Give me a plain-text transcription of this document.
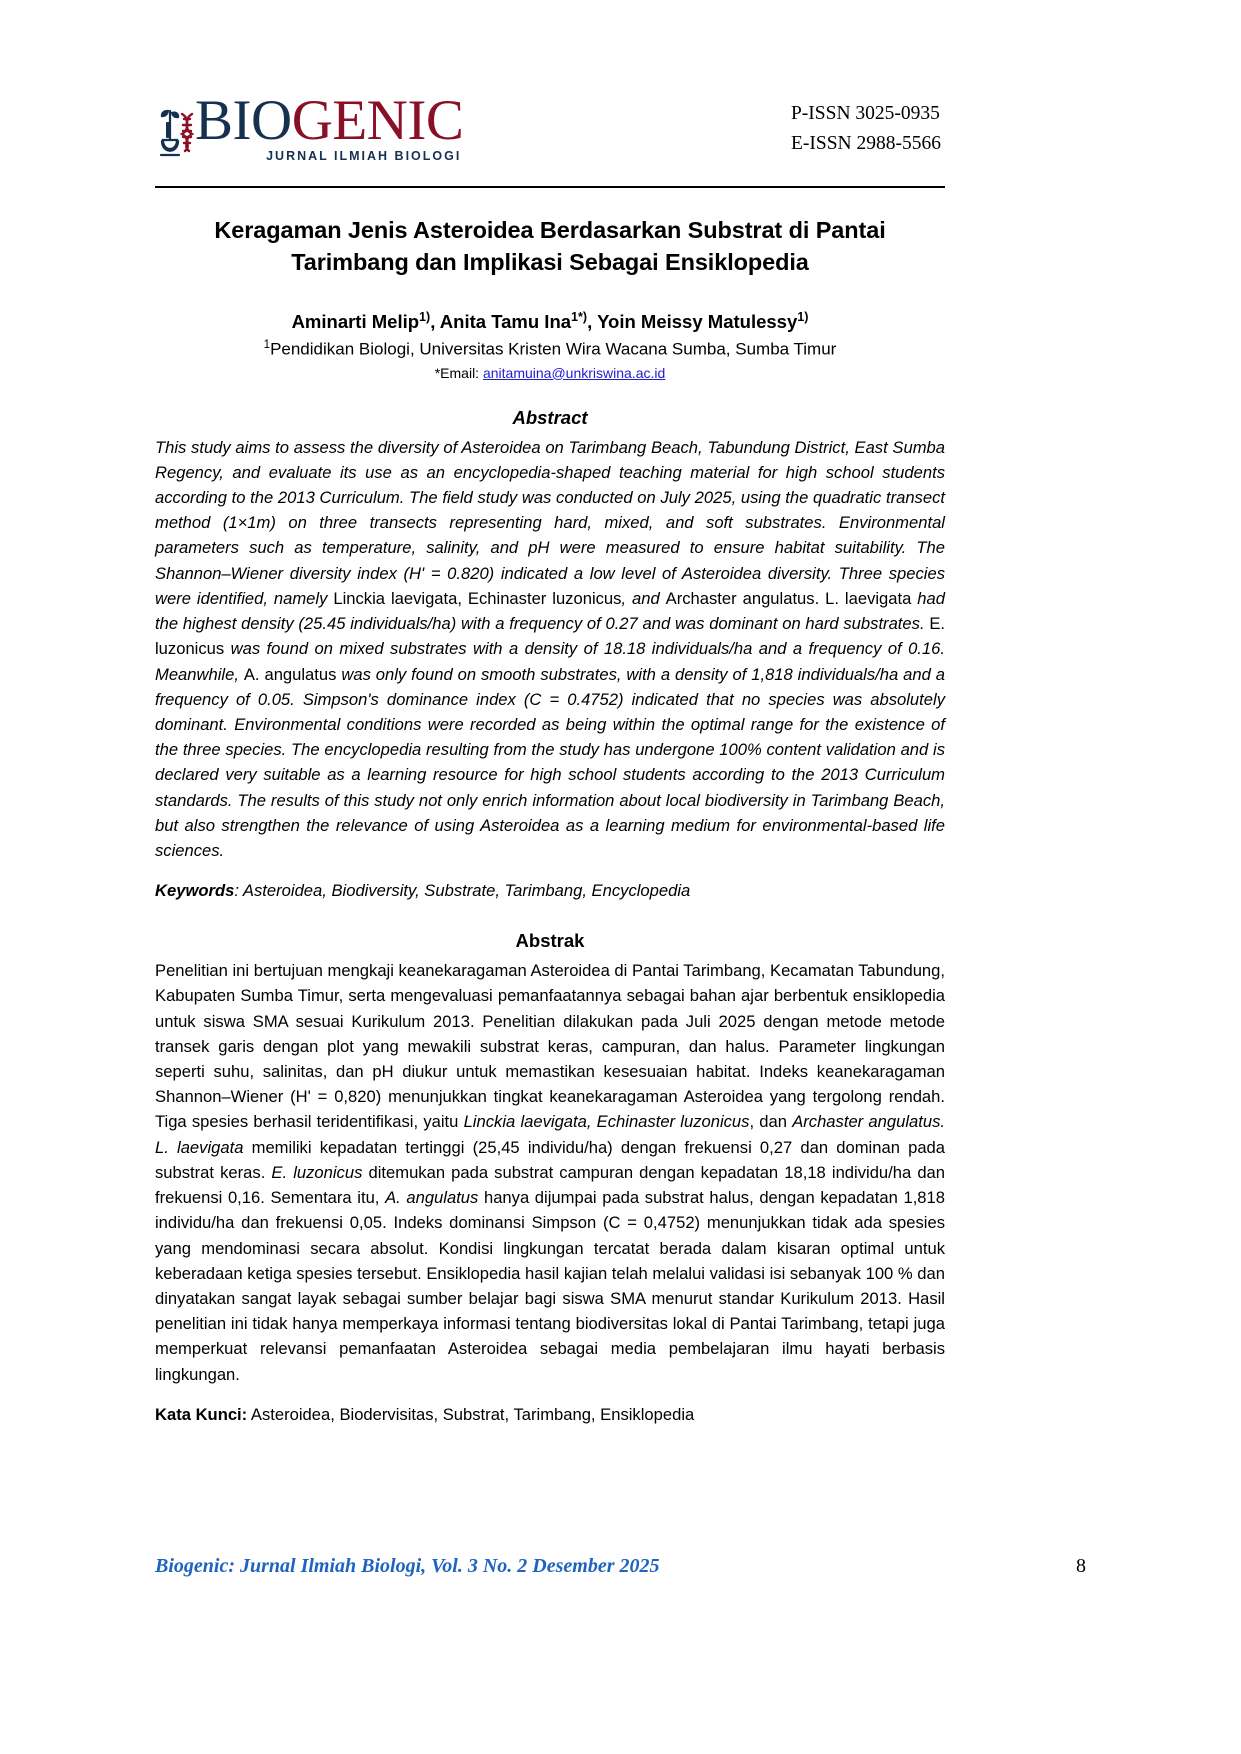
BIOGENIC
JURNAL ILMIAH BIOLOGI
P-ISSN 3025-0935
E-ISSN 2988-5566
Keragaman Jenis Asteroidea Berdasarkan Substrat di Pantai Tarimbang dan Implikasi Sebagai Ensiklopedia
Aminarti Melip$^{1)}$, Anita Tamu Ina$^{1*)}$, Yoin Meissy Matulessy$^{1)}$
$^1$Pendidikan Biologi, Universitas Kristen Wira Wacana Sumba, Sumba Timur
*Email: anitamuina@unkriswina.ac.id
Abstract

This study aims to assess the diversity of Asteroidea on Tarimbang Beach, Tabundung District, East Sumba Regency, and evaluate its use as an encyclopedia-shaped teaching material for high school students according to the 2013 Curriculum. The field study was conducted on July 2025, using the quadratic transect method (1×1m) on three transects representing hard, mixed, and soft substrates. Environmental parameters such as temperature, salinity, and pH were measured to ensure habitat suitability. The Shannon–Wiener diversity index (H' = 0.820) indicated a low level of Asteroidea diversity. Three species were identified, namely Linckia laevigata, Echinaster luzonicus, and Archaster angulatus. L. laevigata had the highest density (25.45 individuals/ha) with a frequency of 0.27 and was dominant on hard substrates. E. luzonicus was found on mixed substrates with a density of 18.18 individuals/ha and a frequency of 0.16. Meanwhile, A. angulatus was only found on smooth substrates, with a density of 1,818 individuals/ha and a frequency of 0.05. Simpson's dominance index (C = 0.4752) indicated that no species was absolutely dominant. Environmental conditions were recorded as being within the optimal range for the existence of the three species. The encyclopedia resulting from the study has undergone 100% content validation and is declared very suitable as a learning resource for high school students according to the 2013 Curriculum standards. The results of this study not only enrich information about local biodiversity in Tarimbang Beach, but also strengthen the relevance of using Asteroidea as a learning medium for environmental-based life sciences.

Keywords: Asteroidea, Biodiversity, Substrate, Tarimbang, Encyclopedia
Abstrak

Penelitian ini bertujuan mengkaji keanekaragaman Asteroidea di Pantai Tarimbang, Kecamatan Tabundung, Kabupaten Sumba Timur, serta mengevaluasi pemanfaatannya sebagai bahan ajar berbentuk ensiklopedia untuk siswa SMA sesuai Kurikulum 2013. Penelitian dilakukan pada Juli 2025 dengan metode metode transek garis dengan plot yang mewakili substrat keras, campuran, dan halus. Parameter lingkungan seperti suhu, salinitas, dan pH diukur untuk memastikan kesesuaian habitat. Indeks keanekaragaman Shannon–Wiener (H' = 0,820) menunjukkan tingkat keanekaragaman Asteroidea yang tergolong rendah. Tiga spesies berhasil teridentifikasi, yaitu Linckia laevigata, Echinaster luzonicus, dan Archaster angulatus. L. laevigata memiliki kepadatan tertinggi (25,45 individu/ha) dengan frekuensi 0,27 dan dominan pada substrat keras. E. luzonicus ditemukan pada substrat campuran dengan kepadatan 18,18 individu/ha dan frekuensi 0,16. Sementara itu, A. angulatus hanya dijumpai pada substrat halus, dengan kepadatan 1,818 individu/ha dan frekuensi 0,05. Indeks dominansi Simpson (C = 0,4752) menunjukkan tidak ada spesies yang mendominasi secara absolut. Kondisi lingkungan tercatat berada dalam kisaran optimal untuk keberadaan ketiga spesies tersebut. Ensiklopedia hasil kajian telah melalui validasi isi sebanyak 100 % dan dinyatakan sangat layak sebagai sumber belajar bagi siswa SMA menurut standar Kurikulum 2013. Hasil penelitian ini tidak hanya memperkaya informasi tentang biodiversitas lokal di Pantai Tarimbang, tetapi juga memperkuat relevansi pemanfaatan Asteroidea sebagai media pembelajaran ilmu hayati berbasis lingkungan.

Kata Kunci: Asteroidea, Biodervisitas, Substrat, Tarimbang, Ensiklopedia
Biogenic: Jurnal Ilmiah Biologi, Vol. 3 No. 2 Desember 2025	8
